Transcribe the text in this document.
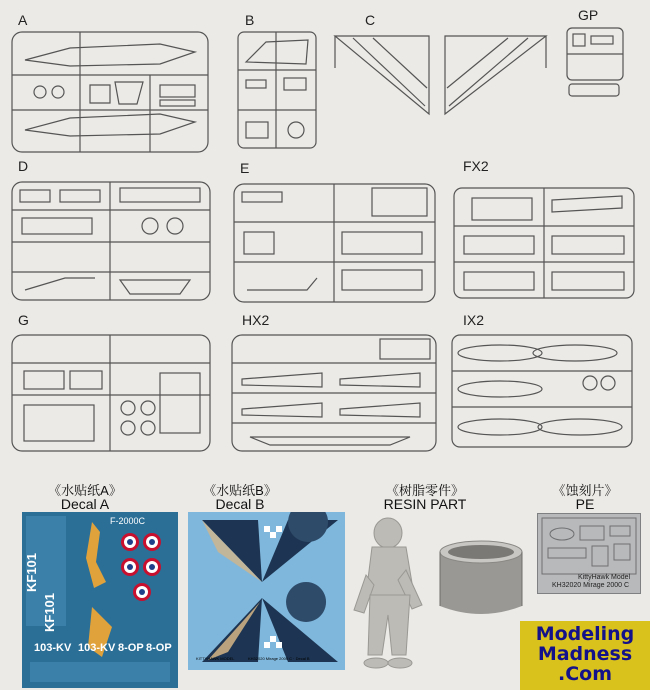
A	B	C	GP
D	E	FX2
G	HX2	IX2
《水贴纸A》
Decal A
《水贴纸B》
Decal B
《树脂零件》
RESIN PART
《蚀刻片》
PE
KF101
KF101
103-KV 103-KV 8-OP 8-OP
F-2000C
KITTYHAWK MODEL	KH32020 Mirage 2000 C · Decal B
KittyHawk Model
KH32020 Mirage 2000 C
Modeling
Madness
.Com
